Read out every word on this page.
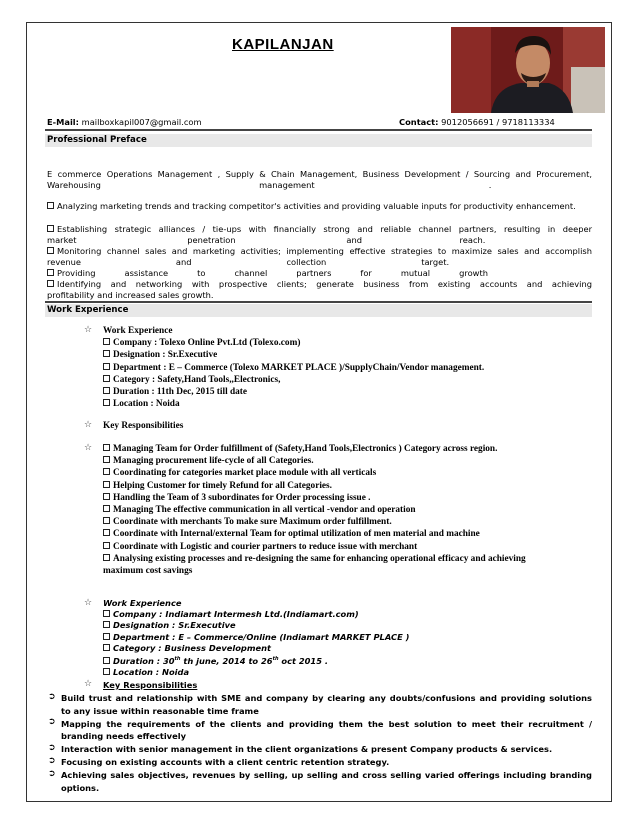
KAPILANJAN
E-Mail: mailboxkapil007@gmail.com	Contact: 9012056691 / 9718113334
Professional Preface
E commerce Operations Management , Supply & Chain Management, Business Development / Sourcing and Procurement,
Warehousing                                                            management                                                                  .
Analyzing marketing trends and tracking competitor's activities and providing valuable inputs for productivity enhancement.
Establishing strategic alliances / tie-ups with financially strong and reliable channel partners, resulting in deeper
market                                          penetration                                          and                                     reach.
Monitoring channel sales and marketing activities; implementing effective strategies to maximize sales and accomplish
revenue                                    and                                    collection                                    target.
Providing           assistance           to           channel           partners           for           mutual           growth
Identifying and networking with prospective clients; generate business from existing accounts and achieving
profitability and increased sales growth.
Work Experience
☆ Work Experience
Company : Tolexo Online Pvt.Ltd (Tolexo.com)
Designation : Sr.Executive
Department : E – Commerce (Tolexo MARKET PLACE )/SupplyChain/Vendor management.
Category : Safety,Hand Tools,,Electronics,
Duration : 11th Dec, 2015 till date
Location : Noida
☆ Key Responsibilities
☆	Managing Team for Order fulfillment of (Safety,Hand Tools,Electronics ) Category across region.
Managing procurement life-cycle of all Categories.
Coordinating for categories market place module with all verticals
Helping Customer for timely Refund for all Categories.
Handling the Team of 3 subordinates for Order processing issue .
Managing The effective communication in all vertical -vendor and operation
Coordinate with merchants To make sure Maximum order fulfillment.
Coordinate with Internal/external Team for optimal utilization of men material and machine
Coordinate with Logistic and courier partners to reduce issue with merchant
Analysing existing processes and re-designing the same for enhancing operational efficacy and achieving
maximum cost savings
☆ Work Experience
Company : Indiamart Intermesh Ltd.(Indiamart.com)
Designation : Sr.Executive
Department : E – Commerce/Online (Indiamart MARKET PLACE )
Category : Business Development
Duration : 30th th june, 2014 to 26th oct 2015 .
Location : Noida
☆ Key Responsibilities
Build trust and relationship with SME and company by clearing any doubts/confusions and providing solutions
to any issue within reasonable time frame
Mapping the requirements of the clients and providing them the best solution to meet their recruitment /
branding needs effectively
Interaction with senior management in the client organizations & present Company products & services.
Focusing on existing accounts with a client centric retention strategy.
Achieving sales objectives, revenues by selling, up selling and cross selling varied offerings including branding
options.
➲
➲
➲
➲
➲
